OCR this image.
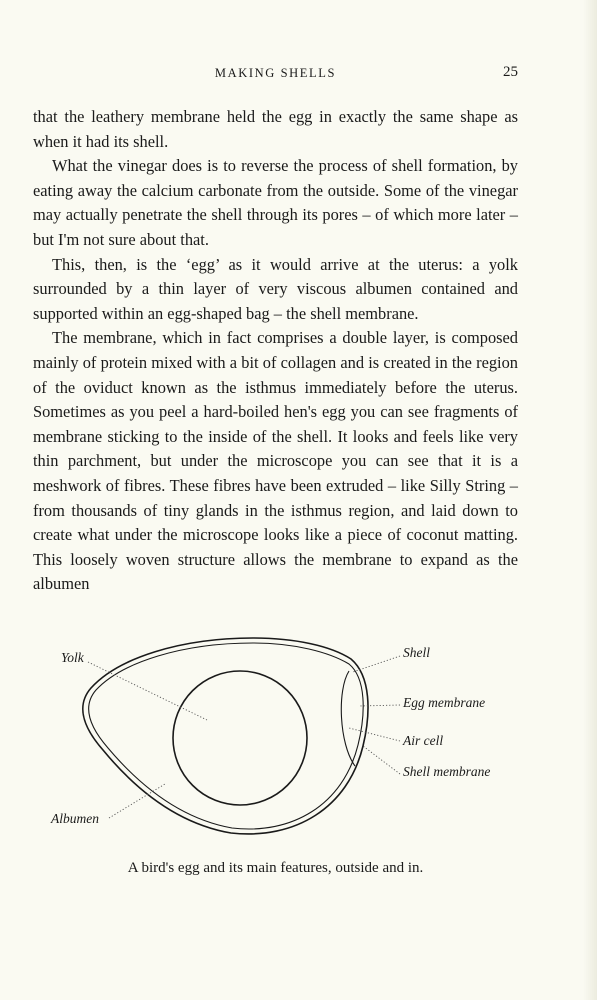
MAKING SHELLS	25

that the leathery membrane held the egg in exactly the same shape as when it had its shell.

What the vinegar does is to reverse the process of shell formation, by eating away the calcium carbonate from the outside. Some of the vinegar may actually penetrate the shell through its pores – of which more later – but I'm not sure about that.

This, then, is the ‘egg’ as it would arrive at the uterus: a yolk surrounded by a thin layer of very viscous albumen contained and supported within an egg-shaped bag – the shell membrane.

The membrane, which in fact comprises a double layer, is composed mainly of protein mixed with a bit of collagen and is created in the region of the oviduct known as the isthmus immediately before the uterus. Sometimes as you peel a hard-boiled hen's egg you can see fragments of membrane sticking to the inside of the shell. It looks and feels like very thin parchment, but under the microscope you can see that it is a meshwork of fibres. These fibres have been extruded – like Silly String – from thousands of tiny glands in the isthmus region, and laid down to create what under the microscope looks like a piece of coconut matting. This loosely woven structure allows the membrane to expand as the albumen

Yolk
Albumen
Shell
Egg membrane
Air cell
Shell membrane
A bird's egg and its main features, outside and in.
